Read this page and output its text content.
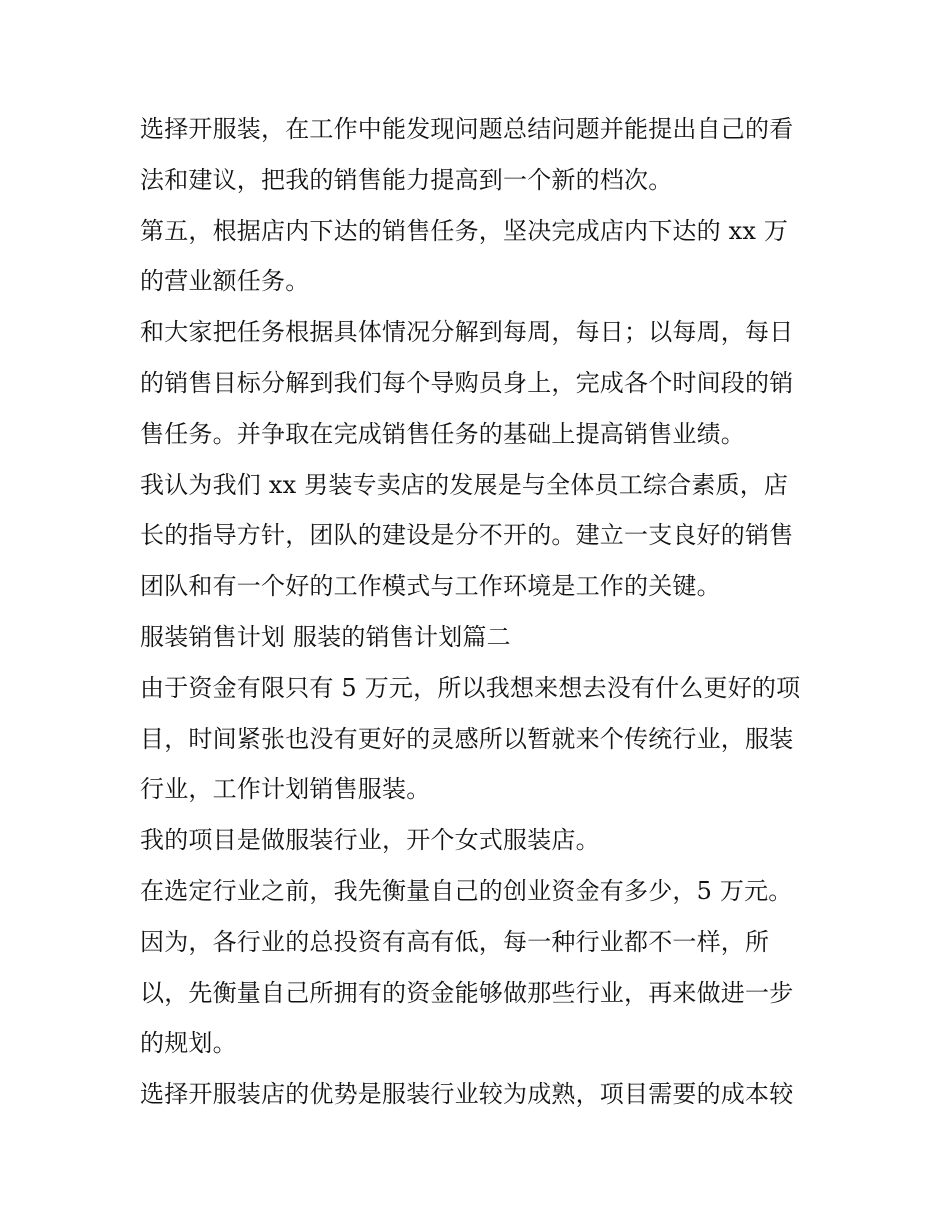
选择开服装，在工作中能发现问题总结问题并能提出自己的看
法和建议，把我的销售能力提高到一个新的档次。
第五，根据店内下达的销售任务，坚决完成店内下达的 xx 万
的营业额任务。
和大家把任务根据具体情况分解到每周，每日；以每周，每日
的销售目标分解到我们每个导购员身上，完成各个时间段的销
售任务。并争取在完成销售任务的基础上提高销售业绩。
我认为我们 xx 男装专卖店的发展是与全体员工综合素质，店
长的指导方针，团队的建设是分不开的。建立一支良好的销售
团队和有一个好的工作模式与工作环境是工作的关键。
服装销售计划 服装的销售计划篇二
由于资金有限只有 5 万元，所以我想来想去没有什么更好的项
目，时间紧张也没有更好的灵感所以暂就来个传统行业，服装
行业，工作计划销售服装。
我的项目是做服装行业，开个女式服装店。
在选定行业之前，我先衡量自己的创业资金有多少，5 万元。
因为，各行业的总投资有高有低，每一种行业都不一样，所
以，先衡量自己所拥有的资金能够做那些行业，再来做进一步
的规划。
选择开服装店的优势是服装行业较为成熟，项目需要的成本较
